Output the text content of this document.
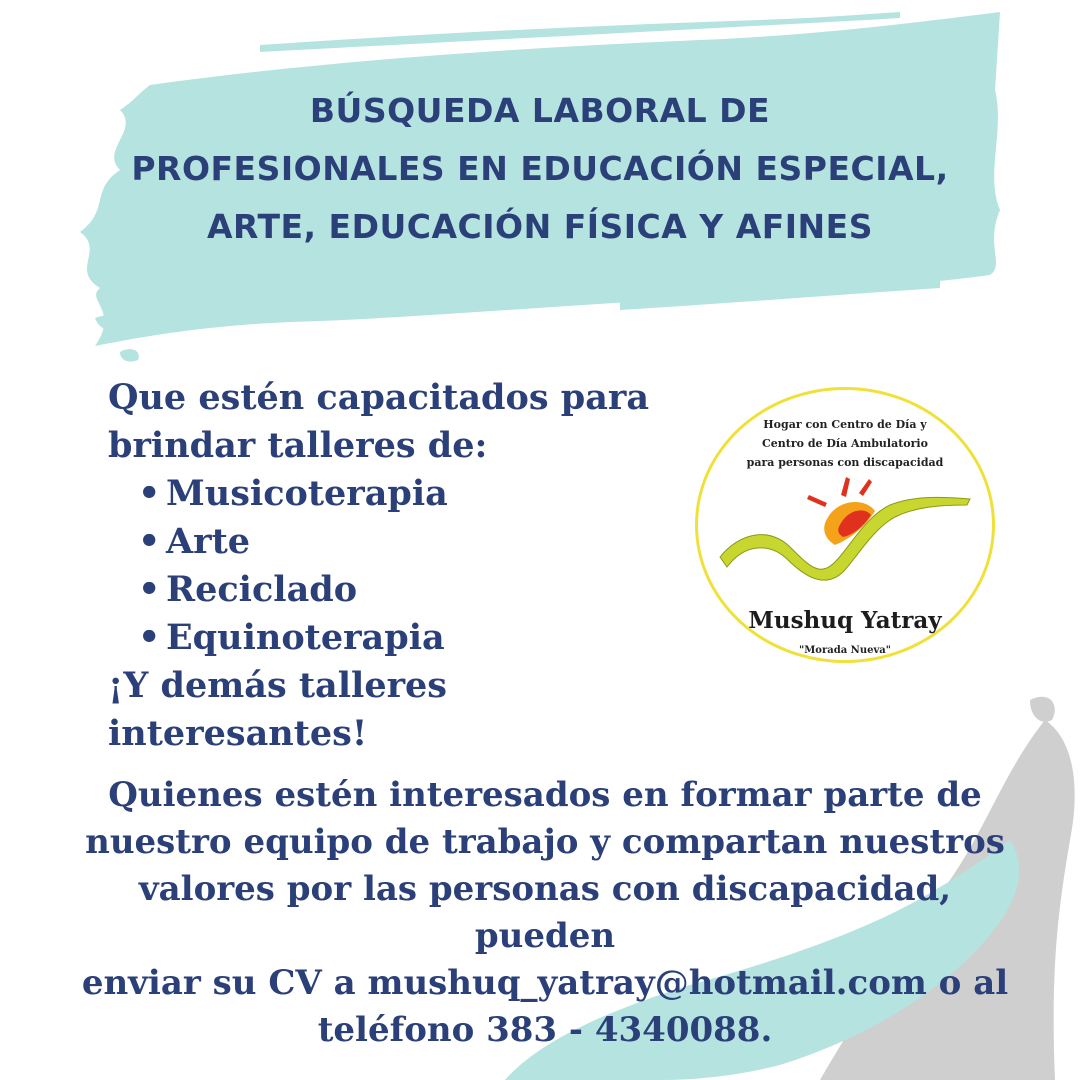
BÚSQUEDA LABORAL DE
PROFESIONALES EN EDUCACIÓN ESPECIAL,
ARTE, EDUCACIÓN FÍSICA Y AFINES

Que estén capacitados para
brindar talleres de:

• Musicoterapia
• Arte
• Reciclado
• Equinoterapia

¡Y demás talleres interesantes!

Hogar con Centro de Día y
Centro de Día Ambulatorio
para personas con discapacidad

Mushuq Yatray

"Morada Nueva"

Quienes estén interesados en formar parte de
nuestro equipo de trabajo y compartan nuestros
valores por las personas con discapacidad, pueden
enviar su CV a mushuq_yatray@hotmail.com o al
teléfono 383 - 4340088.
